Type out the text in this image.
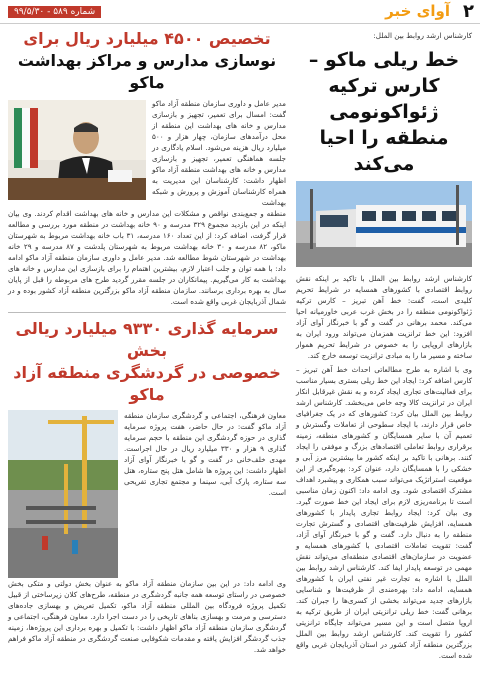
۲
آوای خبر
شماره ۵۸۹ - ۹۹/۵/۳۰
کارشناس ارشد روابط بین الملل:
خط ریلی ماکو – کارس ترکیه ژئواکونومی منطقه را احیا می‌کند
کارشناس ارشد روابط بین الملل با تاکید بر اینکه نقش روابط اقتصادی با کشورهای همسایه در شرایط تحریم کلیدی است، گفت: خط آهن تبریز – کارس ترکیه ژئواکونومی منطقه را در بخش غرب عربی خاورمیانه احیا می‌کند. محمد برهانی در گفت و گو با خبرنگار آوای آزاد افزود: این خط ترانزیت همزمان می‌تواند ورود ایران به بازارهای اروپایی را به خصوص در شرایط تحریم هموار ساخته و مسیر ما را به مبادی ترانزیت توسعه خارج کند.
وی با اشاره به طرح مطالعاتی احداث خط آهن تبریز – کارس اضافه کرد: ایجاد این خط ریلی بستری بسیار مناسب برای فعالیت‌های تجاری ایجاد کرده و به نقش غیرقابل انکار ایران در ترانزیت کالا وجه خاص می‌بخشد. کارشناس ارشد روابط بین الملل بیان کرد: کشورهای که در یک جغرافیای خاص قرار دارند، با ایجاد سطوحی از تعاملات وگسترش و تعمیم آن با سایر همسایگان و کشورهای منطقه، زمینه برقراری روابط تعاملی اقتصادهای بزرگ و موفقی را ایجاد کنند. برهانی با تاکید بر اینکه کشور ما بیشترین مرز آبی و خشکی را با همسایگان دارد، عنوان کرد: بهره‌گیری از این موقعیت استراتژیک می‌تواند سبب همکاری و پیشبرد اهداف مشترک اقتصادی شود. وی ادامه داد: اکنون زمان مناسبی است تا برنامه‌ریزی لازم برای ایجاد این خط صورت گیرد. وی بیان کرد: ایجاد روابط تجاری پایدار با کشورهای همسایه، افزایش ظرفیت‌های اقتصادی و گسترش تجارت منطقه را به دنبال دارد. گفت و گو با خبرنگار آوای آزاد، گفت: تقویت تعاملات اقتصادی با کشورهای همسایه و عضویت در سازمان‌های اقتصادی منطقه‌ای می‌تواند نقش مهمی در توسعه پایدار ایفا کند. کارشناس ارشد روابط بین الملل با اشاره به تجارت غیر نفتی ایران با کشورهای همسایه، ادامه داد: بهره‌مندی از ظرفیت‌ها و شناسایی بازارهای جدید می‌تواند بخشی از کسری‌ها را جبران کند. برهانی گفت: خط ریلی ترانزیتی ایران از طریق ترکیه به اروپا متصل است و این مسیر می‌تواند جایگاه ترانزیتی کشور را تقویت کند. کارشناس ارشد روابط بین الملل بزرگترین منطقه آزاد کشور در استان آذربایجان غربی واقع شده است.
تخصیص ۴۵۰۰ میلیارد ریال برای
نوسازی مدارس و مراکز بهداشت ماکو
مدیر عامل و داوری سازمان منطقه آزاد ماکو گفت: امسال برای تعمیر، تجهیز و بازسازی مدارس و خانه های بهداشت این منطقه از محل درآمدهای سازمان، چهار هزار و ۵۰۰ میلیارد ریال هزینه می‌شود. اسلام یادگاری در جلسه هماهنگی تعمیر، تجهیز و بازسازی مدارس و خانه های بهداشت منطقه آزاد ماکو اظهار داشت: کارشناسان این مدیریت به همراه کارشناسان آموزش و پرورش و شبکه بهداشت
منطقه و جمع‌بندی نواقص و مشکلات این مدارس و خانه های بهداشت اقدام کردند. وی بیان اینکه در این بازدید مجموع ۳۲۹ مدرسه و ۹۰ خانه بهداشت در منطقه مورد بررسی و مطالعه قرار گرفت، اضافه کرد: از این تعداد ۱۶۰ مدرسه، ۳۱ باب خانه بهداشت مربوط به شهرستان ماکو، ۸۲ مدرسه و ۳۰ خانه بهداشت مربوط به شهرستان پلدشت و ۸۷ مدرسه و ۲۹ خانه بهداشت در شهرستان شوط مطالعه شد. مدیر عامل و داوری سازمان منطقه آزاد ماکو ادامه داد: با همه توان و جلب اعتبار لازم، بیشترین اهتمام را برای بازسازی این مدارس و خانه های بهداشت به کار می‌گیریم. پیمانکاران در جلسه مقرر گردید طرح های مربوطه را قبل از پایان سال به بهره برداری برسانند. سازمان منطقه آزاد ماکو بزرگترین منطقه آزاد کشور بوده و در شمال آذربایجان غربی واقع شده است.
سرمایه گذاری ۹۳۳۰ میلیارد ریالی بخش
خصوصی در گردشگری منطقه آزاد ماکو
معاون فرهنگی، اجتماعی و گردشگری سازمان منطقه آزاد ماکو گفت: در حال حاضر، هفت پروژه سرمایه گذاری در حوزه گردشگری این منطقه با حجم سرمایه گذاری ۹ هزار و ۳۳۰ میلیارد ریال در حال اجراست. مهدی خلف‌خانی در گفت و گو با خبرنگار آوای آزاد اظهار داشت: این پروژه ها شامل هتل پنج ستاره، هتل سه ستاره، پارک آبی، سینما و مجتمع تجاری تفریحی است.
وی ادامه داد: در این بین سازمان منطقه آزاد ماکو به عنوان بخش دولتی و متکی بخش خصوصی در راستای توسعه همه جانبه گردشگری در منطقه، طرح‌های کلان زیرساختی از قبیل تکمیل پروژه فرودگاه بین المللی منطقه آزاد ماکو، تکمیل تعریض و بهسازی جاده‌های دسترسی و مرمت و بهسازی بناهای تاریخی را در دست اجرا دارد. معاون فرهنگی، اجتماعی و گردشگری سازمان منطقه آزاد ماکو اظهار داشت: با تکمیل و بهره برداری این پروژه‌ها، زمینه جذب گردشگر افزایش یافته و مقدمات شکوفایی صنعت گردشگری در منطقه آزاد ماکو فراهم خواهد شد.
